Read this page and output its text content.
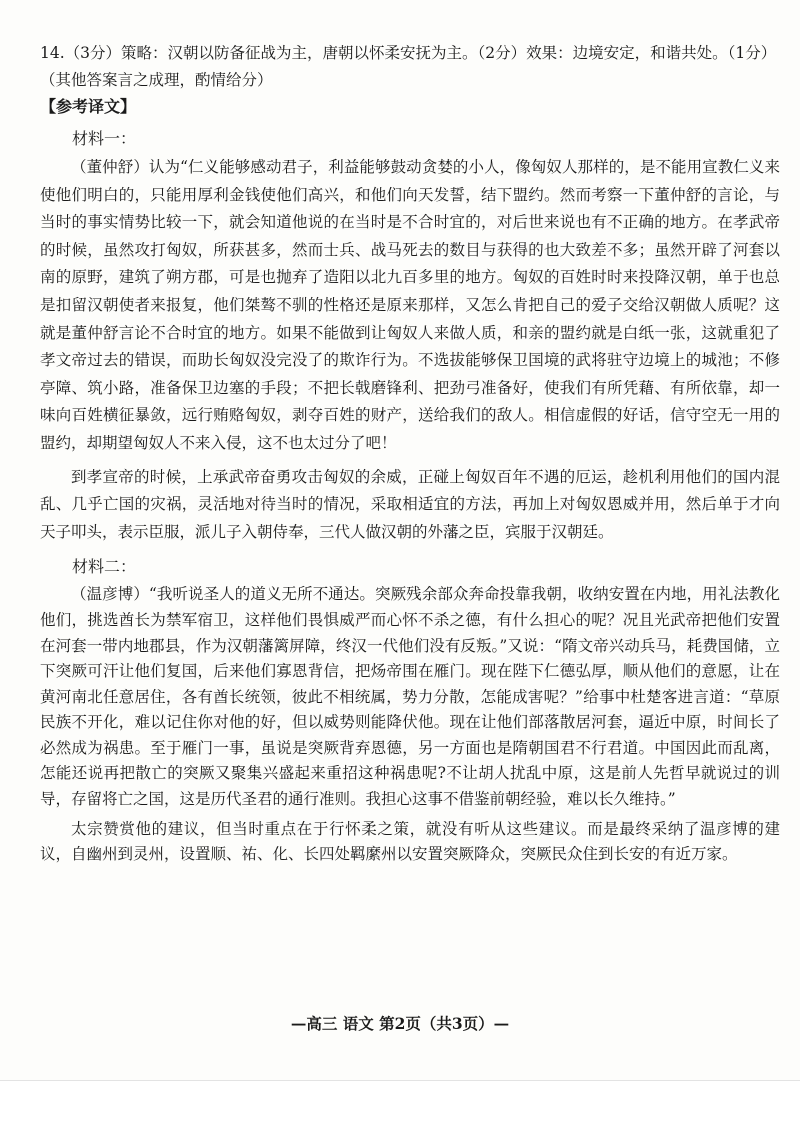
14.（3分）策略：汉朝以防备征战为主，唐朝以怀柔安抚为主。（2分）效果：边境安定，和谐共处。（1分）（其他答案言之成理，酌情给分）

【参考译文】

材料一：

（董仲舒）认为“仁义能够感动君子，利益能够鼓动贪婪的小人，像匈奴人那样的，是不能用宣教仁义来使他们明白的，只能用厚利金钱使他们高兴，和他们向天发誓，结下盟约。然而考察一下董仲舒的言论，与当时的事实情势比较一下，就会知道他说的在当时是不合时宜的，对后世来说也有不正确的地方。在孝武帝的时候，虽然攻打匈奴，所获甚多，然而士兵、战马死去的数目与获得的也大致差不多；虽然开辟了河套以南的原野，建筑了朔方郡，可是也抛弃了造阳以北九百多里的地方。匈奴的百姓时时来投降汉朝，单于也总是扣留汉朝使者来报复，他们桀骜不驯的性格还是原来那样，又怎么肯把自己的爱子交给汉朝做人质呢？这就是董仲舒言论不合时宜的地方。如果不能做到让匈奴人来做人质，和亲的盟约就是白纸一张，这就重犯了孝文帝过去的错误，而助长匈奴没完没了的欺诈行为。不选拔能够保卫国境的武将驻守边境上的城池；不修亭障、筑小路，准备保卫边塞的手段；不把长戟磨锋利、把劲弓准备好，使我们有所凭藉、有所依靠，却一味向百姓横征暴敛，远行贿赂匈奴，剥夺百姓的财产，送给我们的敌人。相信虚假的好话，信守空无一用的盟约，却期望匈奴人不来入侵，这不也太过分了吧！

到孝宣帝的时候，上承武帝奋勇攻击匈奴的余威，正碰上匈奴百年不遇的厄运，趁机利用他们的国内混乱、几乎亡国的灾祸，灵活地对待当时的情况，采取相适宜的方法，再加上对匈奴恩威并用，然后单于才向天子叩头，表示臣服，派儿子入朝侍奉，三代人做汉朝的外藩之臣，宾服于汉朝廷。

材料二：

（温彦博）“我听说圣人的道义无所不通达。突厥残余部众奔命投靠我朝，收纳安置在内地，用礼法教化他们，挑选酋长为禁军宿卫，这样他们畏惧威严而心怀不杀之德，有什么担心的呢？况且光武帝把他们安置在河套一带内地郡县，作为汉朝藩篱屏障，终汉一代他们没有反叛。”又说：“隋文帝兴动兵马，耗费国储，立下突厥可汗让他们复国，后来他们寡恩背信，把炀帝围在雁门。现在陛下仁德弘厚，顺从他们的意愿，让在黄河南北任意居住，各有酋长统领，彼此不相统属，势力分散，怎能成害呢？”给事中杜楚客进言道：“草原民族不开化，难以记住你对他的好，但以威势则能降伏他。现在让他们部落散居河套，逼近中原，时间长了必然成为祸患。至于雁门一事，虽说是突厥背弃恩德，另一方面也是隋朝国君不行君道。中国因此而乱离，怎能还说再把散亡的突厥又聚集兴盛起来重招这种祸患呢?不让胡人扰乱中原，这是前人先哲早就说过的训导，存留将亡之国，这是历代圣君的通行准则。我担心这事不借鉴前朝经验，难以长久维持。”

太宗赞赏他的建议，但当时重点在于行怀柔之策，就没有听从这些建议。而是最终采纳了温彦博的建议，自幽州到灵州，设置顺、祐、化、长四处羁縻州以安置突厥降众，突厥民众住到长安的有近万家。

—高三 语文 第2页（共3页）—
